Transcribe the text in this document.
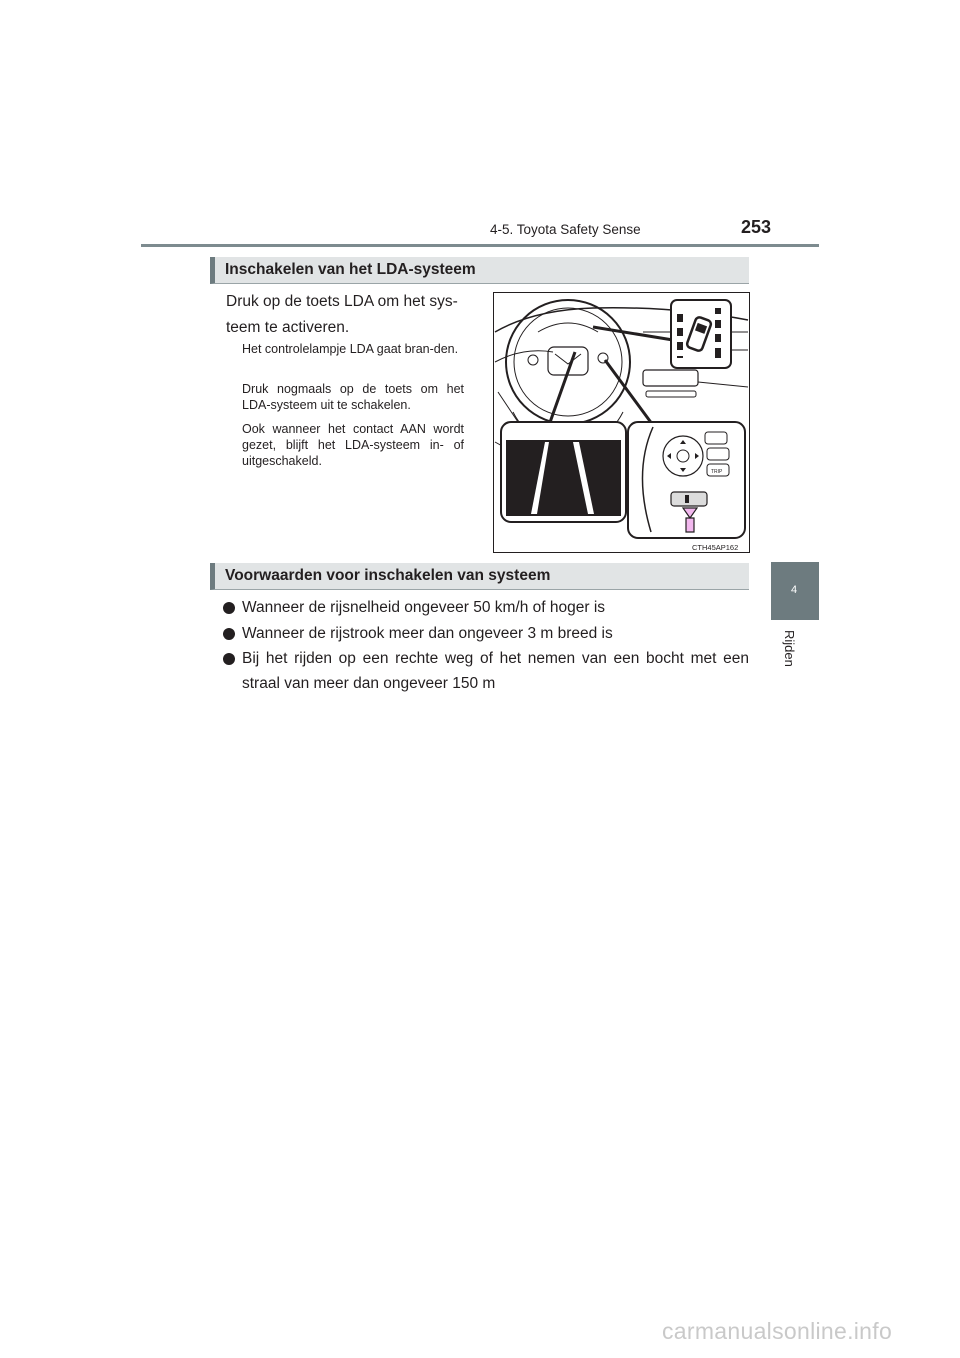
4-5. Toyota Safety Sense	253
4
Rijden
Inschakelen van het LDA-systeem
Druk op de toets LDA om het sys-teem te activeren.
Het controlelampje LDA gaat bran-den.
Druk nogmaals op de toets om het LDA-systeem uit te schakelen.
Ook wanneer het contact AAN wordt gezet, blijft het LDA-systeem in- of uitgeschakeld.
TRIP
CTH45AP162
Voorwaarden voor inschakelen van systeem
Wanneer de rijsnelheid ongeveer 50 km/h of hoger is
Wanneer de rijstrook meer dan ongeveer 3 m breed is
Bij het rijden op een rechte weg of het nemen van een bocht met een straal van meer dan ongeveer 150 m
carmanualsonline.info
